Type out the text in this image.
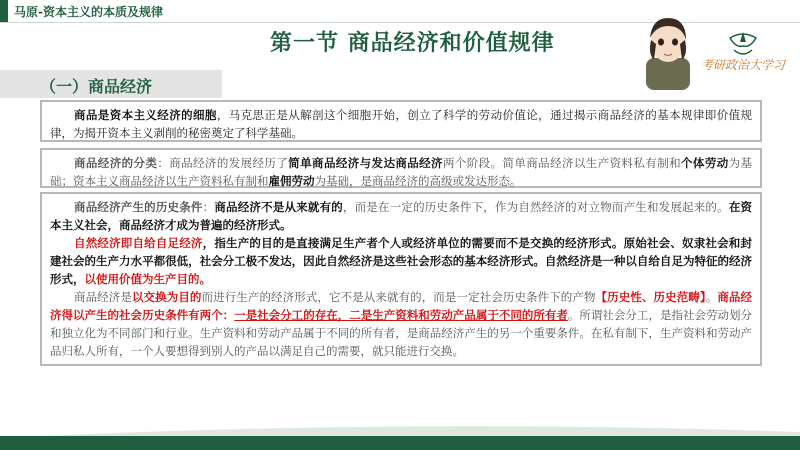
马原-资本主义的本质及规律
第一节 商品经济和价值规律
考研政治大学习
（一）商品经济
商品是资本主义经济的细胞，马克思正是从解剖这个细胞开始，创立了科学的劳动价值论，通过揭示商品经济的基本规律即价值规律，为揭开资本主义剥削的秘密奠定了科学基础。
商品经济的分类：商品经济的发展经历了简单商品经济与发达商品经济两个阶段。简单商品经济以生产资料私有制和个体劳动为基础；资本主义商品经济以生产资料私有制和雇佣劳动为基础，是商品经济的高级或发达形态。
商品经济产生的历史条件：商品经济不是从来就有的，而是在一定的历史条件下，作为自然经济的对立物而产生和发展起来的。在资本主义社会，商品经济才成为普遍的经济形式。
自然经济即自给自足经济，指生产的目的是直接满足生产者个人或经济单位的需要而不是交换的经济形式。原始社会、奴隶社会和封建社会的生产力水平都很低，社会分工极不发达，因此自然经济是这些社会形态的基本经济形式。自然经济是一种以自给自足为特征的经济形式，以使用价值为生产目的。
商品经济是以交换为目的而进行生产的经济形式，它不是从来就有的，而是一定社会历史条件下的产物【历史性、历史范畴】。商品经济得以产生的社会历史条件有两个：一是社会分工的存在，二是生产资料和劳动产品属于不同的所有者。所谓社会分工，是指社会劳动划分和独立化为不同部门和行业。生产资料和劳动产品属于不同的所有者，是商品经济产生的另一个重要条件。在私有制下，生产资料和劳动产品归私人所有，一个人要想得到别人的产品以满足自己的需要，就只能进行交换。
